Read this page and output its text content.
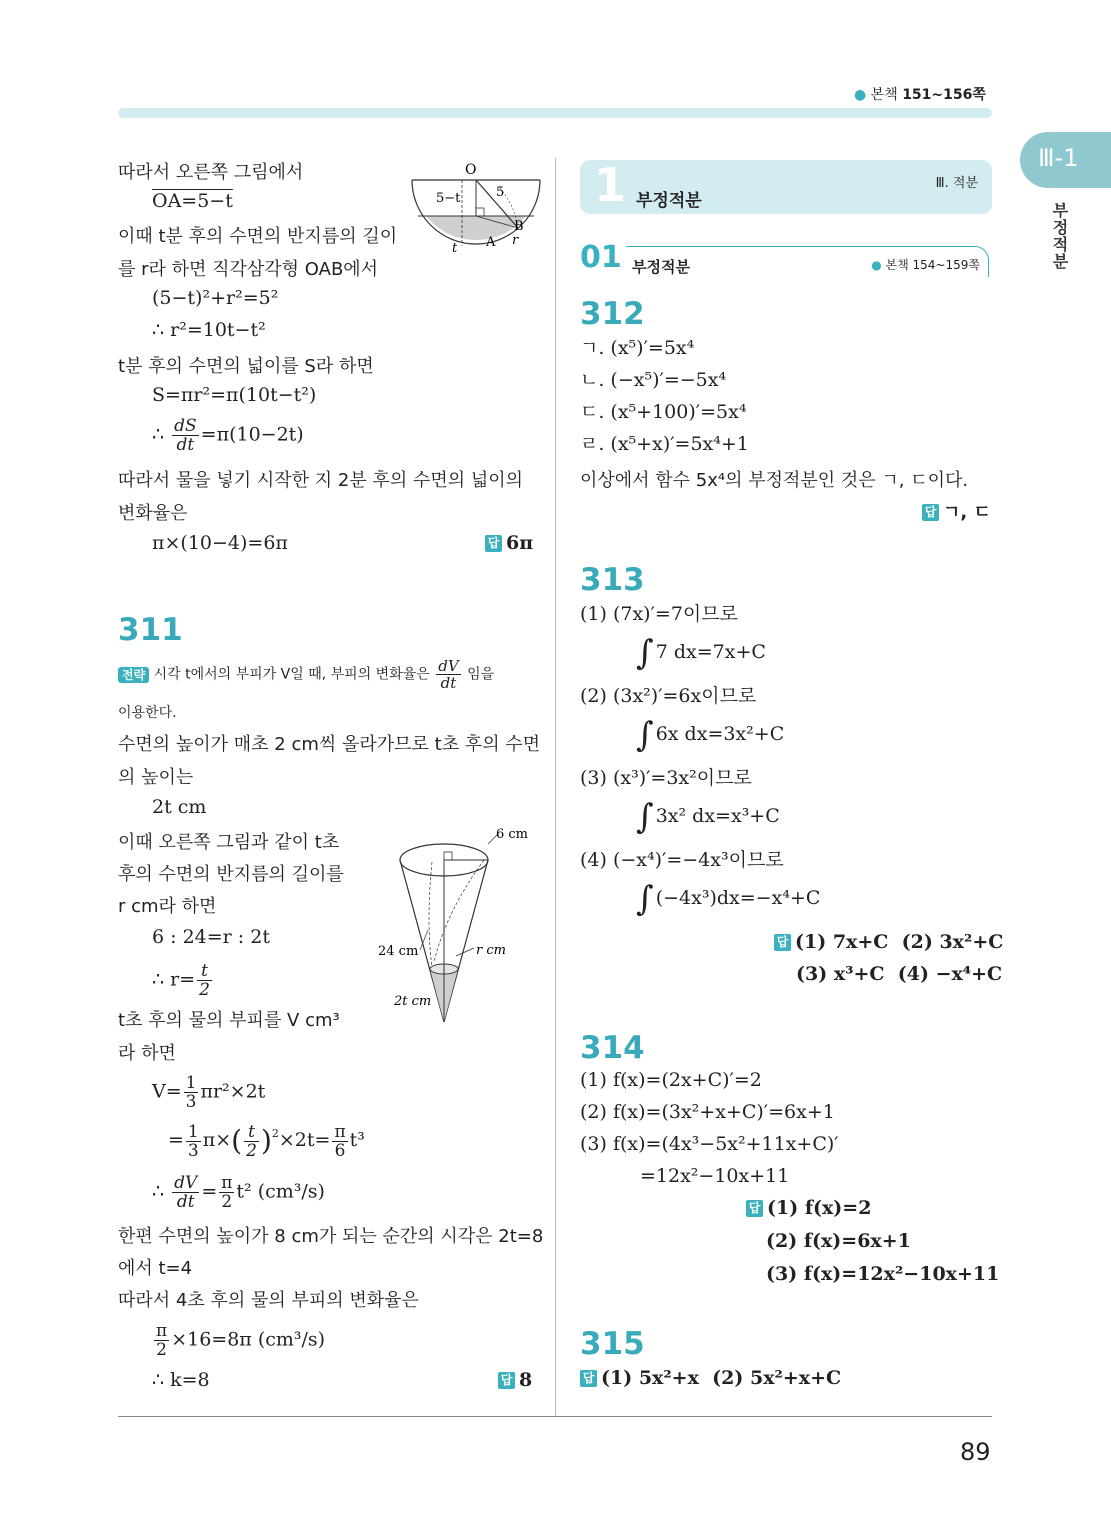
● 본책 151~156쪽
Ⅲ-1
부정적분
따라서 오른쪽 그림에서
OA=5−t
이때 t분 후의 수면의 반지름의 길이
를 r라 하면 직각삼각형 OAB에서
(5−t)²+r²=5²
∴ r²=10t−t²
t분 후의 수면의 넓이를 S라 하면
S=πr²=π(10t−t²)
∴ $\frac{dS}{dt} =\pi(10-2t)$
따라서 물을 넣기 시작한 지 2분 후의 수면의 넓이의
변화율은
π×(10−4)=6π	답 6π
O
5−t	5
B
A
t
r
311
전략 시각 t에서의 부피가 V일 때, 부피의 변화율은 $\frac{dV}{dt}$ 임을
이용한다.
수면의 높이가 매초 2 cm씩 올라가므로 t초 후의 수면
의 높이는
2t cm
이때 오른쪽 그림과 같이 t초
후의 수면의 반지름의 길이를
r cm라 하면
6 : 24=r : 2t
∴ $r= \frac{t}{2}$
t초 후의 물의 부피를 V cm³
라 하면
$V= \frac{1}{3} \pi r^2\times 2t$
= $\frac{1}{3} \pi\times( \frac{t}{2} )^2\times 2t= \frac{\pi}{6} t^3$
∴ $\frac{dV}{dt} = \frac{\pi}{2} t^2$ (cm³/s)
한편 수면의 높이가 8 cm가 되는 순간의 시각은 2t=8
에서 t=4
따라서 4초 후의 물의 부피의 변화율은
$\frac{\pi}{2} \times 16=8\pi$ (cm³/s)
∴ k=8	답 8
6 cm
24 cm	r cm
2t cm
1 부정적분
Ⅲ. 적분
01 부정적분	● 본책 154~159쪽
312
ㄱ. (x⁵)′=5x⁴
ㄴ. (−x⁵)′=−5x⁴
ㄷ. (x⁵+100)′=5x⁴
ㄹ. (x⁵+x)′=5x⁴+1
이상에서 함수 5x⁴의 부정적분인 것은 ㄱ, ㄷ이다.
답 ㄱ, ㄷ
313
(1) (7x)′=7이므로
∫ 7 dx=7x+C
(2) (3x²)′=6x이므로
∫ 6x dx=3x²+C
(3) (x³)′=3x²이므로
∫ 3x² dx=x³+C
(4) (−x⁴)′=−4x³이므로
∫ (−4x³)dx=−x⁴+C
답 (1) 7x+C (2) 3x²+C
(3) x³+C (4) −x⁴+C
314
(1) f(x)=(2x+C)′=2
(2) f(x)=(3x²+x+C)′=6x+1
(3) f(x)=(4x³−5x²+11x+C)′
=12x²−10x+11
답 (1) f(x)=2
(2) f(x)=6x+1
(3) f(x)=12x²−10x+11
315
답 (1) 5x²+x (2) 5x²+x+C
89
